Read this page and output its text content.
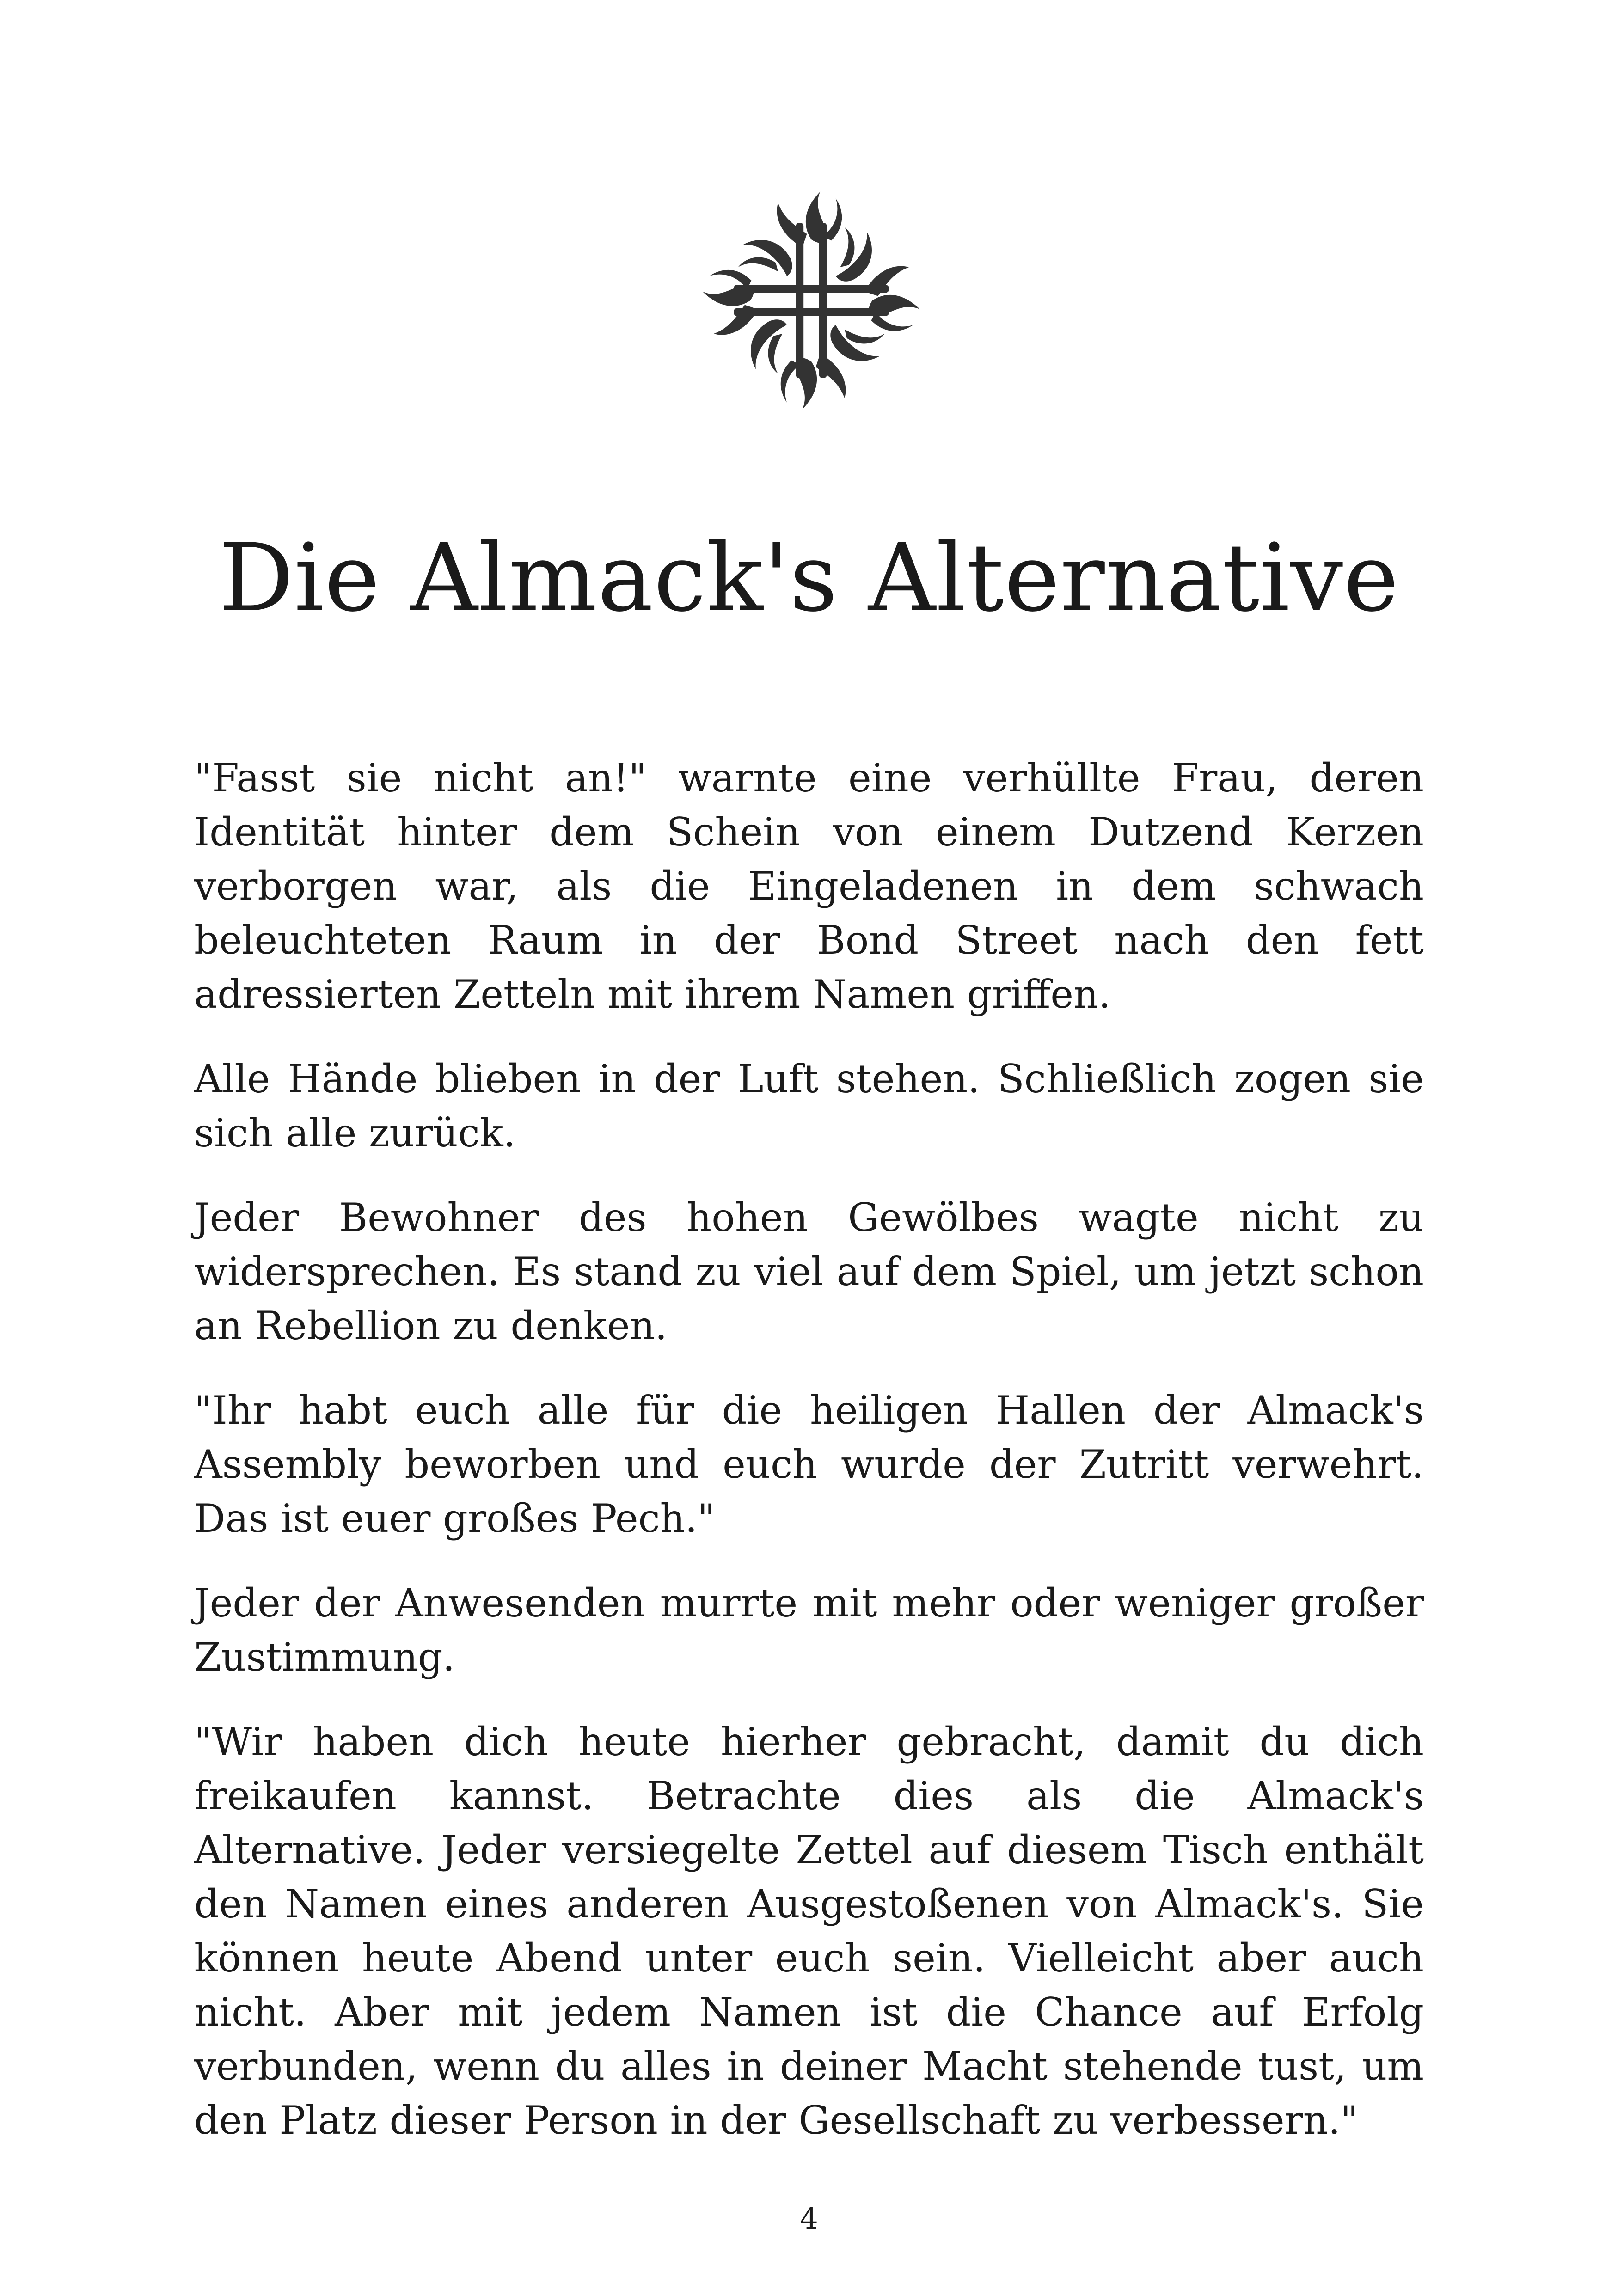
Die Almack's Alternative

"Fasst sie nicht an!" warnte eine verhüllte Frau, deren Identität hinter dem Schein von einem Dutzend Kerzen verborgen war, als die Eingeladenen in dem schwach beleuchteten Raum in der Bond Street nach den fett adressierten Zetteln mit ihrem Namen griffen.

Alle Hände blieben in der Luft stehen. Schließlich zogen sie sich alle zurück.

Jeder Bewohner des hohen Gewölbes wagte nicht zu widersprechen. Es stand zu viel auf dem Spiel, um jetzt schon an Rebellion zu denken.

"Ihr habt euch alle für die heiligen Hallen der Almack's Assembly beworben und euch wurde der Zutritt verwehrt. Das ist euer großes Pech."

Jeder der Anwesenden murrte mit mehr oder weniger großer Zustimmung.

"Wir haben dich heute hierher gebracht, damit du dich freikaufen kannst. Betrachte dies als die Almack's Alternative. Jeder versiegelte Zettel auf diesem Tisch enthält den Namen eines anderen Ausgestoßenen von Almack's. Sie können heute Abend unter euch sein. Vielleicht aber auch nicht. Aber mit jedem Namen ist die Chance auf Erfolg verbunden, wenn du alles in deiner Macht stehende tust, um den Platz dieser Person in der Gesellschaft zu verbessern."

4
